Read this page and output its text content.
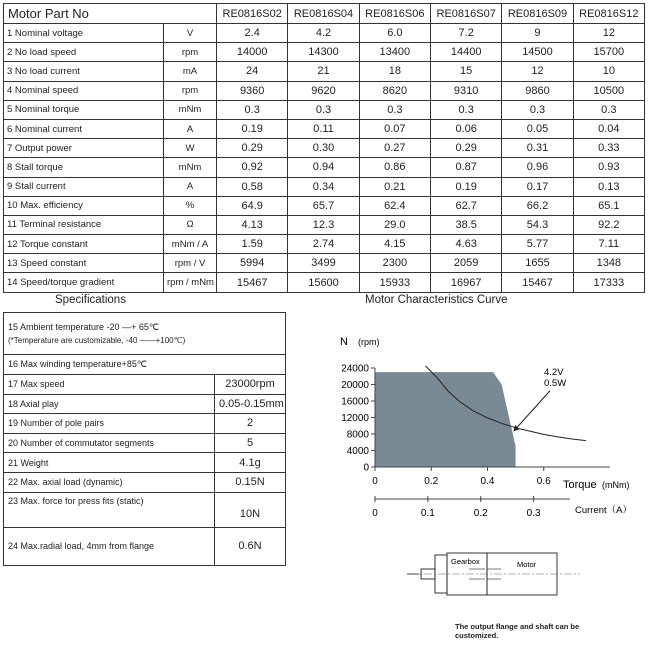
Motor Part No		RE0816S02	RE0816S04	RE0816S06	RE0816S07	RE0816S09	RE0816S12
1 Nominal voltage	V	2.4	4.2	6.0	7.2	9	12
2 No load speed	rpm	14000	14300	13400	14400	14500	15700
3 No load current	mA	24	21	18	15	12	10
4 Nominal speed	rpm	9360	9620	8620	9310	9860	10500
5 Nominal torque	mNm	0.3	0.3	0.3	0.3	0.3	0.3
6 Nominal current	A	0.19	0.11	0.07	0.06	0.05	0.04
7 Output power	W	0.29	0.30	0.27	0.29	0.31	0.33
8 Stall torque	mNm	0.92	0.94	0.86	0.87	0.96	0.93
9 Stall current	A	0.58	0.34	0.21	0.19	0.17	0.13
10 Max. efficiency	%	64.9	65.7	62.4	62.7	66.2	65.1
11 Terminal resistance	Ω	4.13	12.3	29.0	38.5	54.3	92.2
12 Torque constant	mNm / A	1.59	2.74	4.15	4.63	5.77	7.11
13 Speed constant	rpm / V	5994	3499	2300	2059	1655	1348
14 Speed/torque gradient	rpm / mNm	15467	15600	15933	16967	15467	17333
Specifications	Motor Characteristics Curve
15 Ambient temperature -20 —+ 65℃
(*Temperature are customizable, -40 ——+100℃)	

16 Max winding temperature+85℃	
17 Max speed	23000rpm
18 Axial play	0.05-0.15mm
19 Number of pole pairs	2
20 Number of commutator segments	5
21 Weight	4.1g
22 Max. axial load (dynamic)	0.15N
23 Max. force for press fits (static)	10N
24 Max.radial load, 4mm from flange	0.6N
N (rpm)
0
4000
8000
12000
16000
20000
24000
0	0.2	0.4	0.6 Torque (mNm)
0	0.1	0.2	0.3	Current（A）
4.2V
0.5W
Gearbox	Motor
The output flange and shaft can be customized.
